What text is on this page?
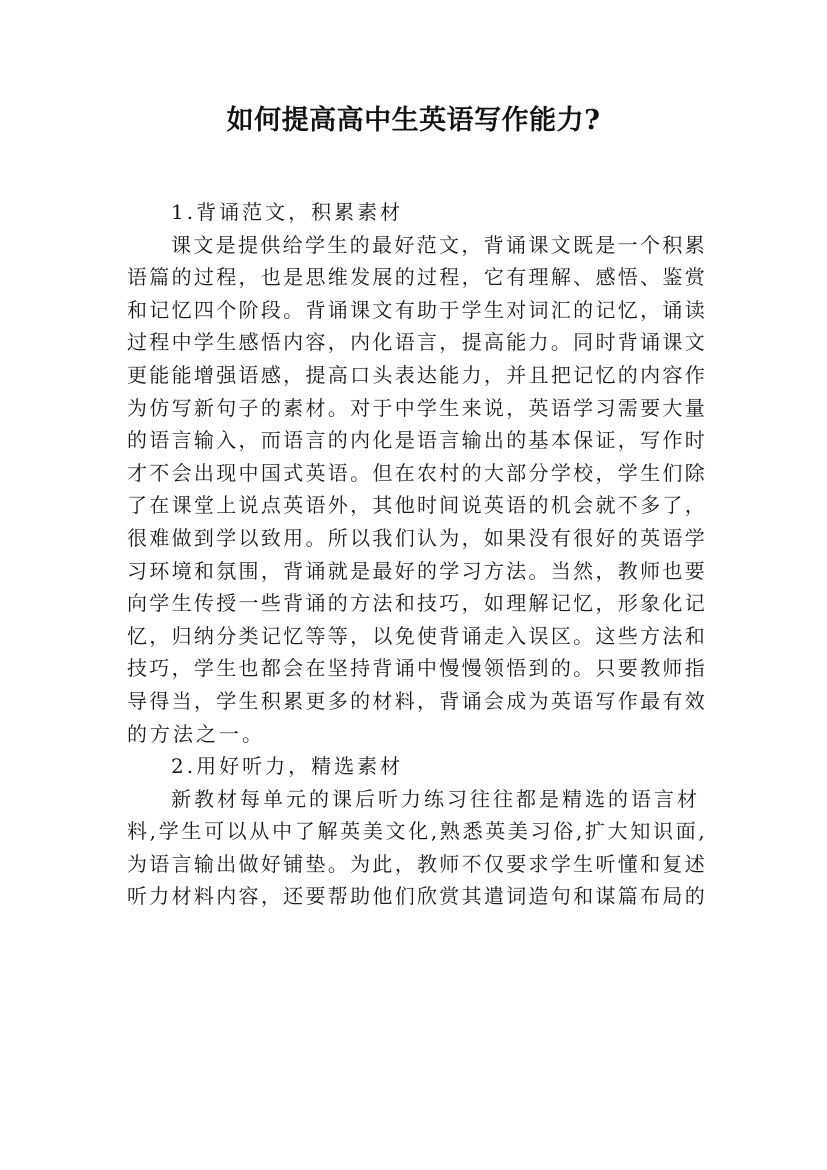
如何提高高中生英语写作能力?
1.背诵范文，积累素材
课文是提供给学生的最好范文，背诵课文既是一个积累
语篇的过程，也是思维发展的过程，它有理解、感悟、鉴赏
和记忆四个阶段。背诵课文有助于学生对词汇的记忆，诵读
过程中学生感悟内容，内化语言，提高能力。同时背诵课文
更能能增强语感，提高口头表达能力，并且把记忆的内容作
为仿写新句子的素材。对于中学生来说，英语学习需要大量
的语言输入，而语言的内化是语言输出的基本保证，写作时
才不会出现中国式英语。但在农村的大部分学校，学生们除
了在课堂上说点英语外，其他时间说英语的机会就不多了，
很难做到学以致用。所以我们认为，如果没有很好的英语学
习环境和氛围，背诵就是最好的学习方法。当然，教师也要
向学生传授一些背诵的方法和技巧，如理解记忆，形象化记
忆，归纳分类记忆等等，以免使背诵走入误区。这些方法和
技巧，学生也都会在坚持背诵中慢慢领悟到的。只要教师指
导得当，学生积累更多的材料，背诵会成为英语写作最有效
的方法之一。
2.用好听力，精选素材
新教材每单元的课后听力练习往往都是精选的语言材
料,学生可以从中了解英美文化,熟悉英美习俗,扩大知识面,
为语言输出做好铺垫。为此，教师不仅要求学生听懂和复述
听力材料内容，还要帮助他们欣赏其遣词造句和谋篇布局的
